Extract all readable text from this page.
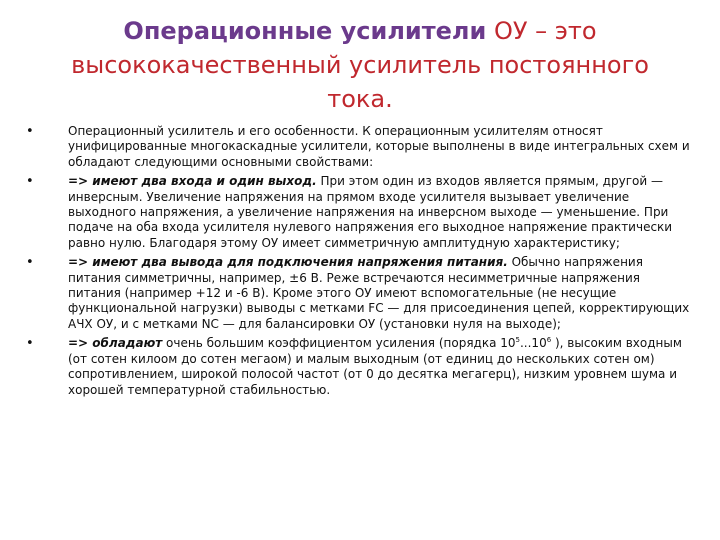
Операционные усилители ОУ – это высококачественный усилитель постоянного тока.
•	Операционный усилитель и его особенности. К операционным усилителям относят унифицированные многокаскадные усилители, которые выполнены в виде интегральных схем и обладают следующими основными свойствами:
•	=> имеют два входа и один выход. При этом один из входов является прямым, другой — инверсным. Увеличение напряжения на прямом входе усилителя вызывает увеличение выходного напряжения, а увеличение напряжения на инверсном выходе — уменьшение. При подаче на оба входа усилителя нулевого напряжения его выходное напряжение практически равно нулю. Благодаря этому ОУ имеет симметричную амплитудную характеристику;
•	=> имеют два вывода для подключения напряжения питания. Обычно напряжения питания симметричны, например, ±6 В. Реже встречаются несимметричные напряжения питания (например +12 и -6 В). Кроме этого ОУ имеют вспомогательные (не несущие функциональной нагрузки) выводы с метками FC — для присоединения цепей, корректирующих АЧХ ОУ, и с метками NC — для балансировки ОУ (установки нуля на выходе);
•	=> обладают очень большим коэффициентом усиления (порядка $10^5...10^6$ ), высоким входным (от сотен килоом до сотен мегаом) и малым выходным (от единиц до нескольких сотен ом) сопротивлением, широкой полосой частот (от 0 до десятка мегагерц), низким уровнем шума и хорошей температурной стабильностью.
